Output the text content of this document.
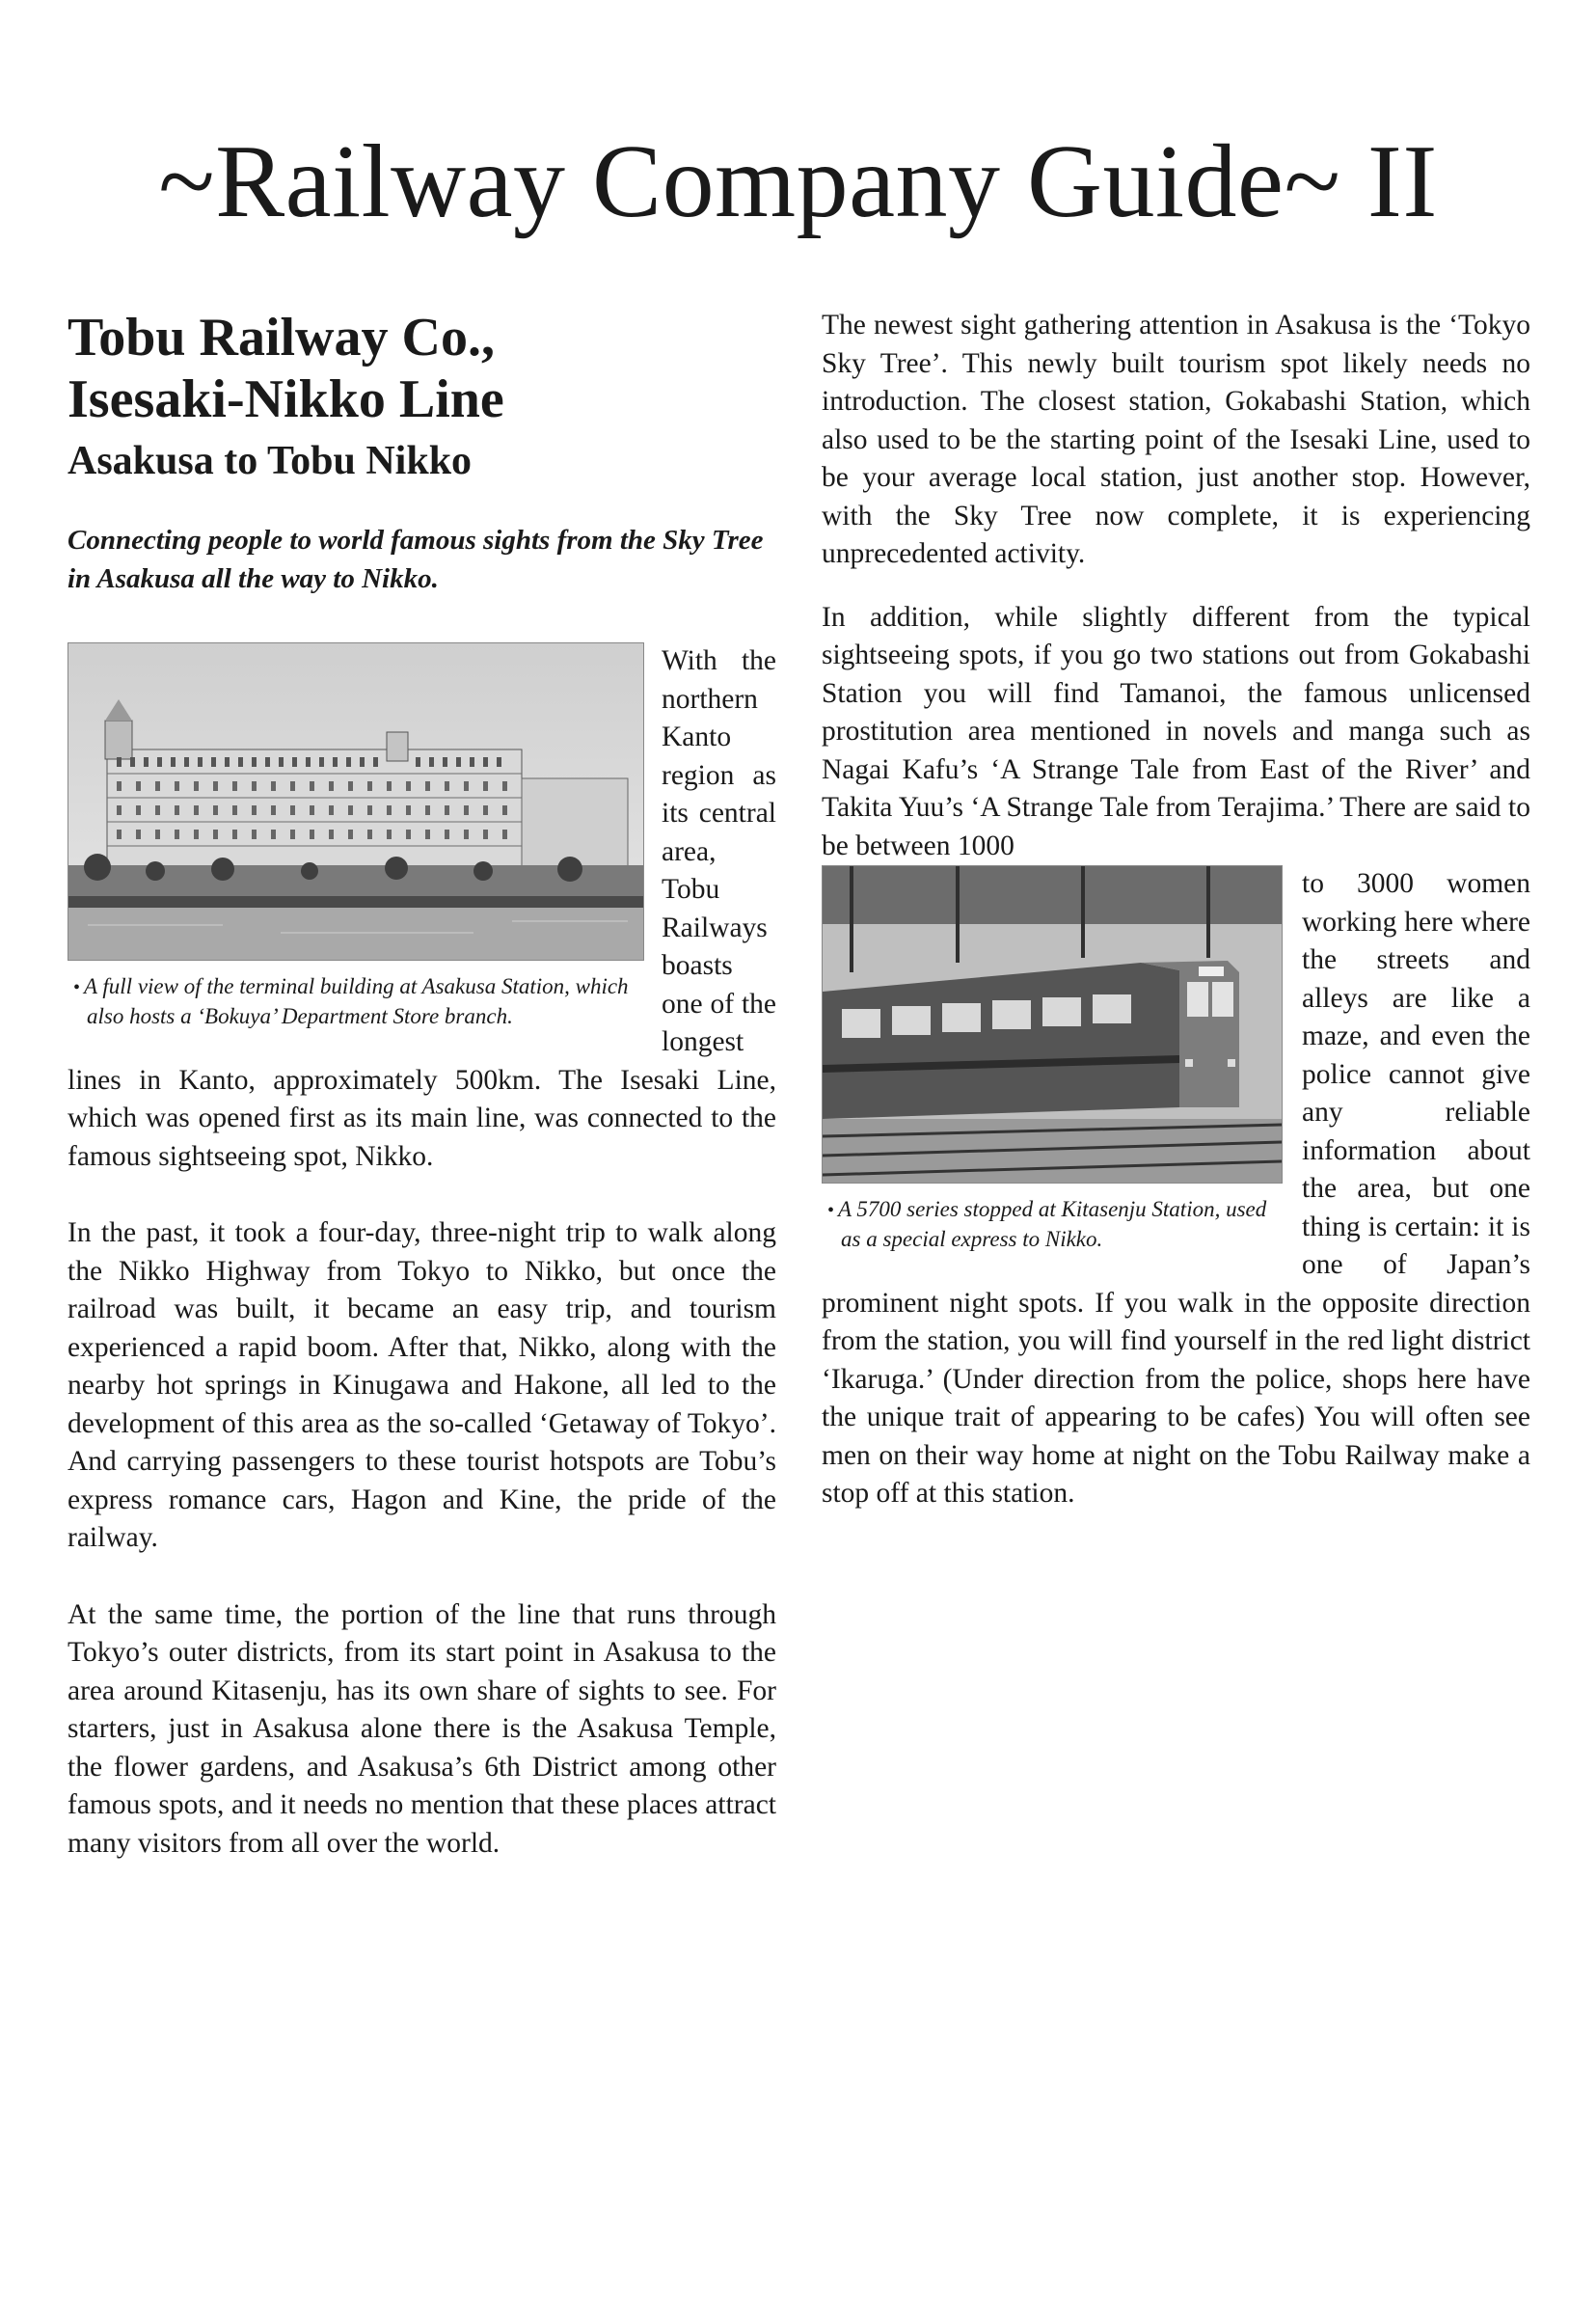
~Railway Company Guide~ II
Tobu Railway Co.,
Isesaki-Nikko Line
Asakusa to Tobu Nikko
Connecting people to world famous sights from the Sky Tree in Asakusa all the way to Nikko.
• A full view of the terminal building at Asakusa Station, which also hosts a ‘Bokuya’ Department Store branch.

With the northern Kanto region as its central area, Tobu Railways boasts one of the longest lines in Kanto, approximately 500km. The Isesaki Line, which was opened first as its main line, was connected to the famous sightseeing spot, Nikko.

In the past, it took a four-day, three-night trip to walk along the Nikko Highway from Tokyo to Nikko, but once the railroad was built, it became an easy trip, and tourism experienced a rapid boom. After that, Nikko, along with the nearby hot springs in Kinugawa and Hakone, all led to the development of this area as the so-called ‘Getaway of Tokyo’. And carrying passengers to these tourist hotspots are Tobu’s express romance cars, Hagon and Kine, the pride of the railway.

At the same time, the portion of the line that runs through Tokyo’s outer districts, from its start point in Asakusa to the area around Kitasenju, has its own share of sights to see. For starters, just in Asakusa alone there is the Asakusa Temple, the flower gardens, and Asakusa’s 6th District among other famous spots, and it needs no mention that these places attract many visitors from all over the world.

The newest sight gathering attention in Asakusa is the ‘Tokyo Sky Tree’. This newly built tourism spot likely needs no introduction. The closest station, Gokabashi Station, which also used to be the starting point of the Isesaki Line, used to be your average local station, just another stop. However, with the Sky Tree now complete, it is experiencing unprecedented activity.

In addition, while slightly different from the typical sightseeing spots, if you go two stations out from Gokabashi Station you will find Tamanoi, the famous unlicensed prostitution area mentioned in novels and manga such as Nagai Kafu’s ‘A Strange Tale from East of the River’ and Takita Yuu’s ‘A Strange Tale from Terajima.’ There are said to be between 1000

• A 5700 series stopped at Kitasenju Station, used as a special express to Nikko.

to 3000 women working here where the streets and alleys are like a maze, and even the police cannot give any reliable information about the area, but one thing is certain: it is one of Japan’s prominent night spots. If you walk in the opposite direction from the station, you will find yourself in the red light district ‘Ikaruga.’ (Under direction from the police, shops here have the unique trait of appearing to be cafes) You will often see men on their way home at night on the Tobu Railway make a stop off at this station.
